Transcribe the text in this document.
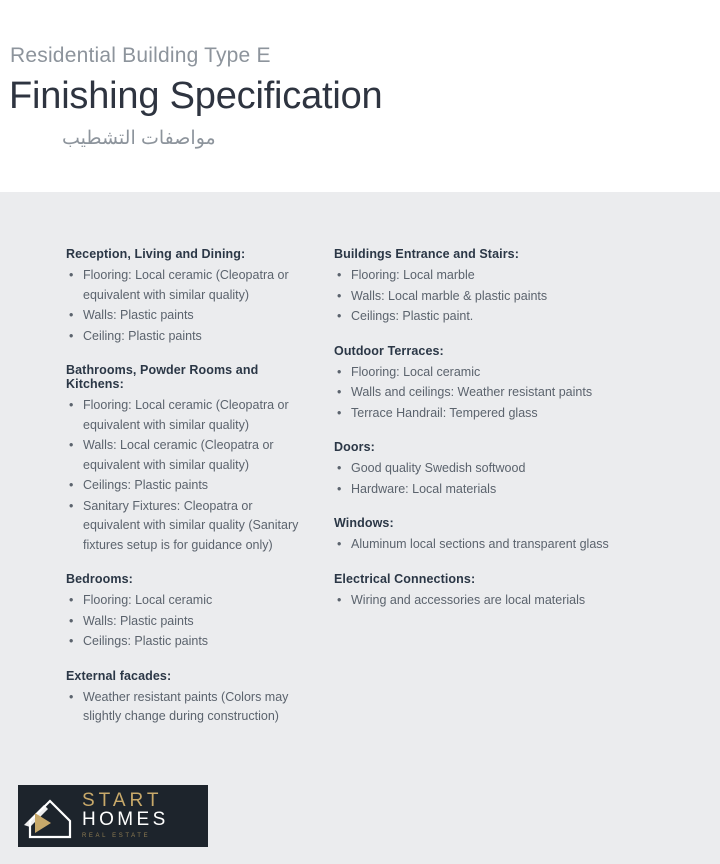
Residential Building Type E
Finishing Specification
مواصفات التشطيب
Reception, Living and Dining:
• Flooring: Local ceramic (Cleopatra or equivalent with similar quality)
• Walls: Plastic paints
• Ceiling: Plastic paints
Bathrooms, Powder Rooms and Kitchens:
• Flooring: Local ceramic (Cleopatra or equivalent with similar quality)
• Walls: Local ceramic (Cleopatra or equivalent with similar quality)
• Ceilings: Plastic paints
• Sanitary Fixtures: Cleopatra or equivalent with similar quality (Sanitary fixtures setup is for guidance only)
Bedrooms:
• Flooring: Local ceramic
• Walls: Plastic paints
• Ceilings: Plastic paints
External facades:
• Weather resistant paints (Colors may slightly change during construction)
Buildings Entrance and Stairs:
• Flooring: Local marble
• Walls: Local marble & plastic paints
• Ceilings: Plastic paint.
Outdoor Terraces:
• Flooring: Local ceramic
• Walls and ceilings: Weather resistant paints
• Terrace Handrail: Tempered glass
Doors:
• Good quality Swedish softwood
• Hardware: Local materials
Windows:
• Aluminum local sections and transparent glass
Electrical Connections:
• Wiring and accessories are local materials
START
HOMES
REAL ESTATE
